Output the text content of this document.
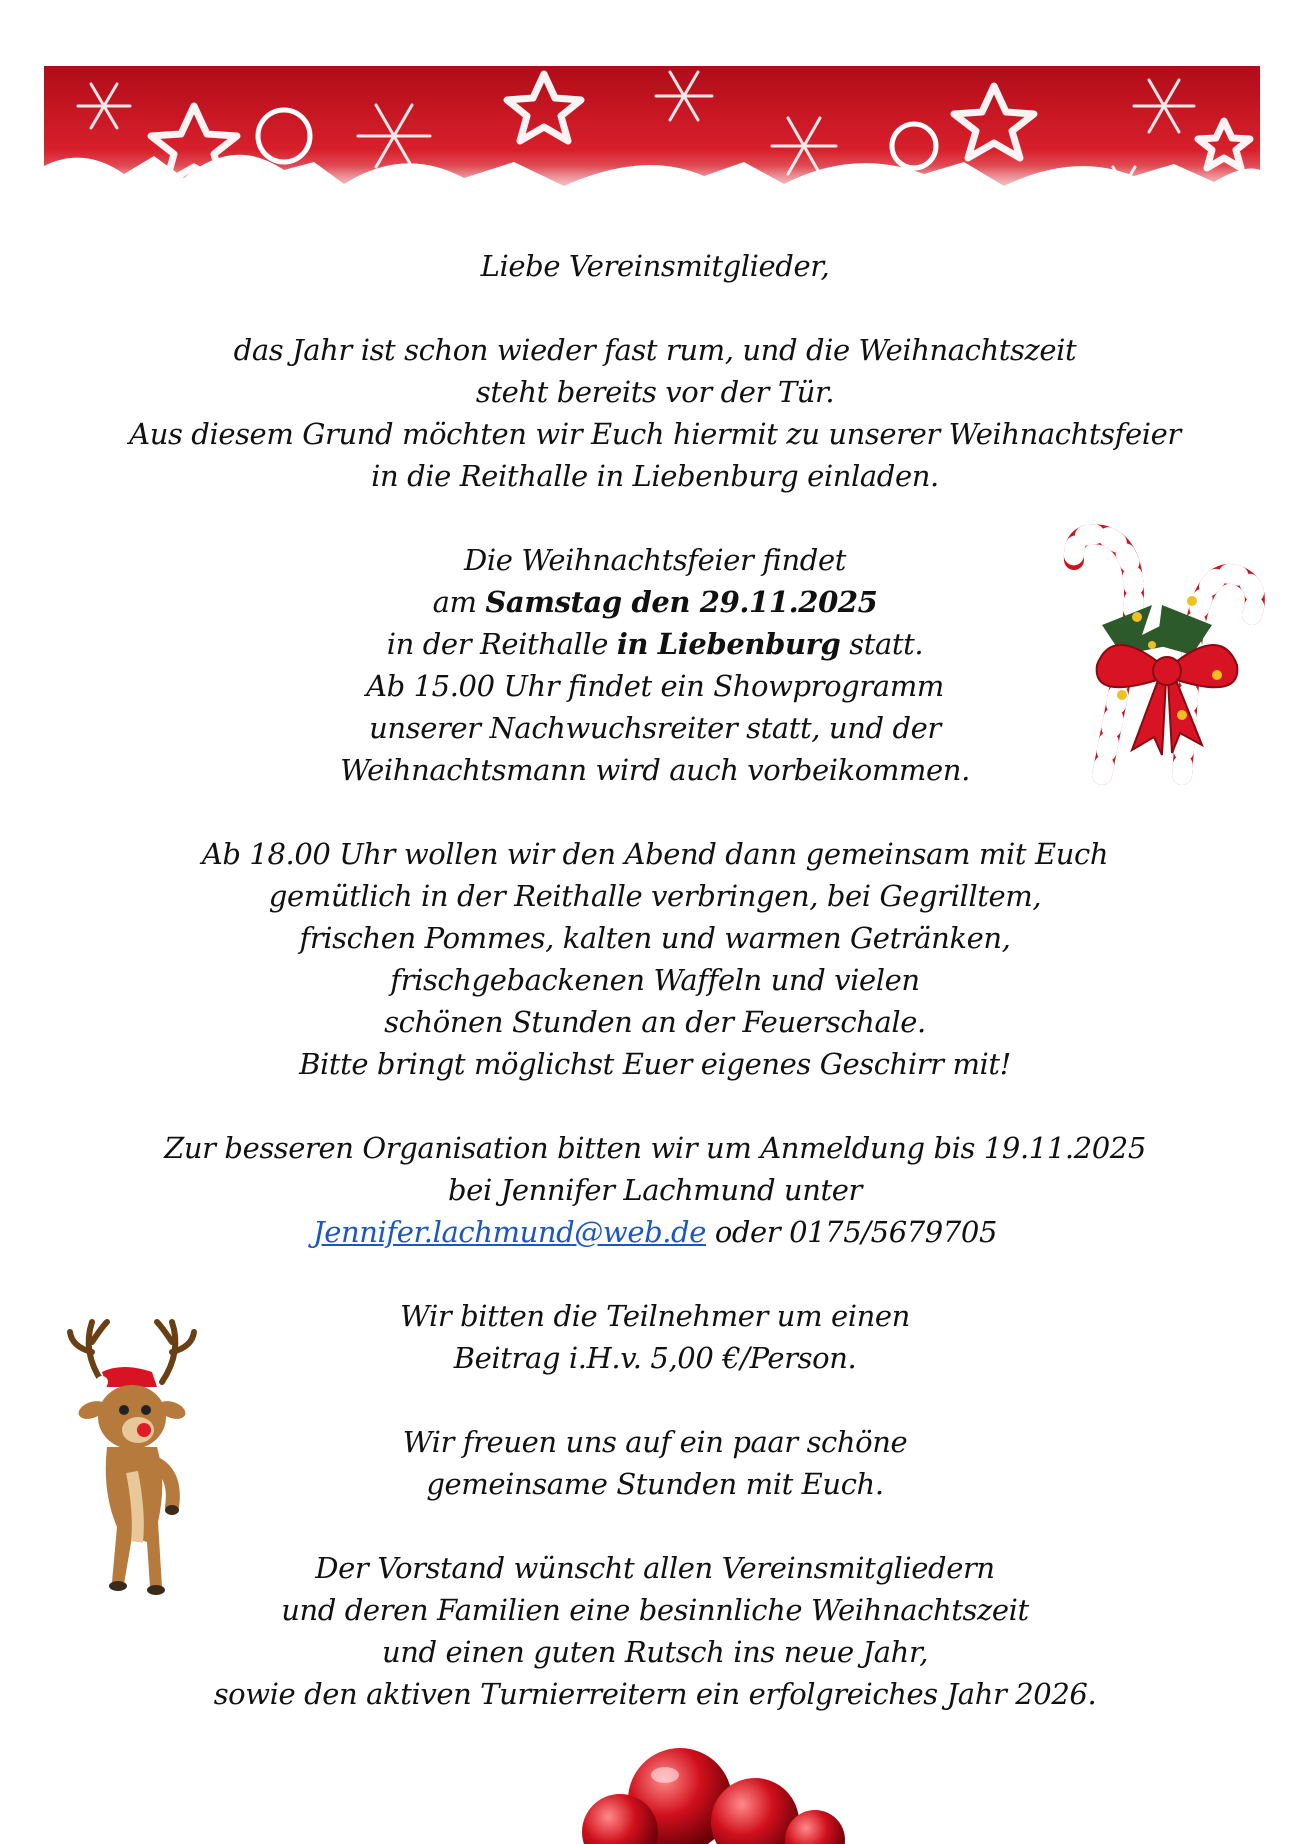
Liebe Vereinsmitglieder,

das Jahr ist schon wieder fast rum, und die Weihnachtszeit

steht bereits vor der Tür.

Aus diesem Grund möchten wir Euch hiermit zu unserer Weihnachtsfeier

in die Reithalle in Liebenburg einladen.

Die Weihnachtsfeier findet

am Samstag den 29.11.2025

in der Reithalle in Liebenburg statt.

Ab 15.00 Uhr findet ein Showprogramm

unserer Nachwuchsreiter statt, und der

Weihnachtsmann wird auch vorbeikommen.

Ab 18.00 Uhr wollen wir den Abend dann gemeinsam mit Euch

gemütlich in der Reithalle verbringen, bei Gegrilltem,

frischen Pommes, kalten und warmen Getränken,

frischgebackenen Waffeln und vielen

schönen Stunden an der Feuerschale.

Bitte bringt möglichst Euer eigenes Geschirr mit!

Zur besseren Organisation bitten wir um Anmeldung bis 19.11.2025

bei Jennifer Lachmund unter

Jennifer.lachmund@web.de oder 0175/5679705

Wir bitten die Teilnehmer um einen

Beitrag i.H.v. 5,00 €/Person.

Wir freuen uns auf ein paar schöne

gemeinsame Stunden mit Euch.

Der Vorstand wünscht allen Vereinsmitgliedern

und deren Familien eine besinnliche Weihnachtszeit

und einen guten Rutsch ins neue Jahr,

sowie den aktiven Turnierreitern ein erfolgreiches Jahr 2026.
